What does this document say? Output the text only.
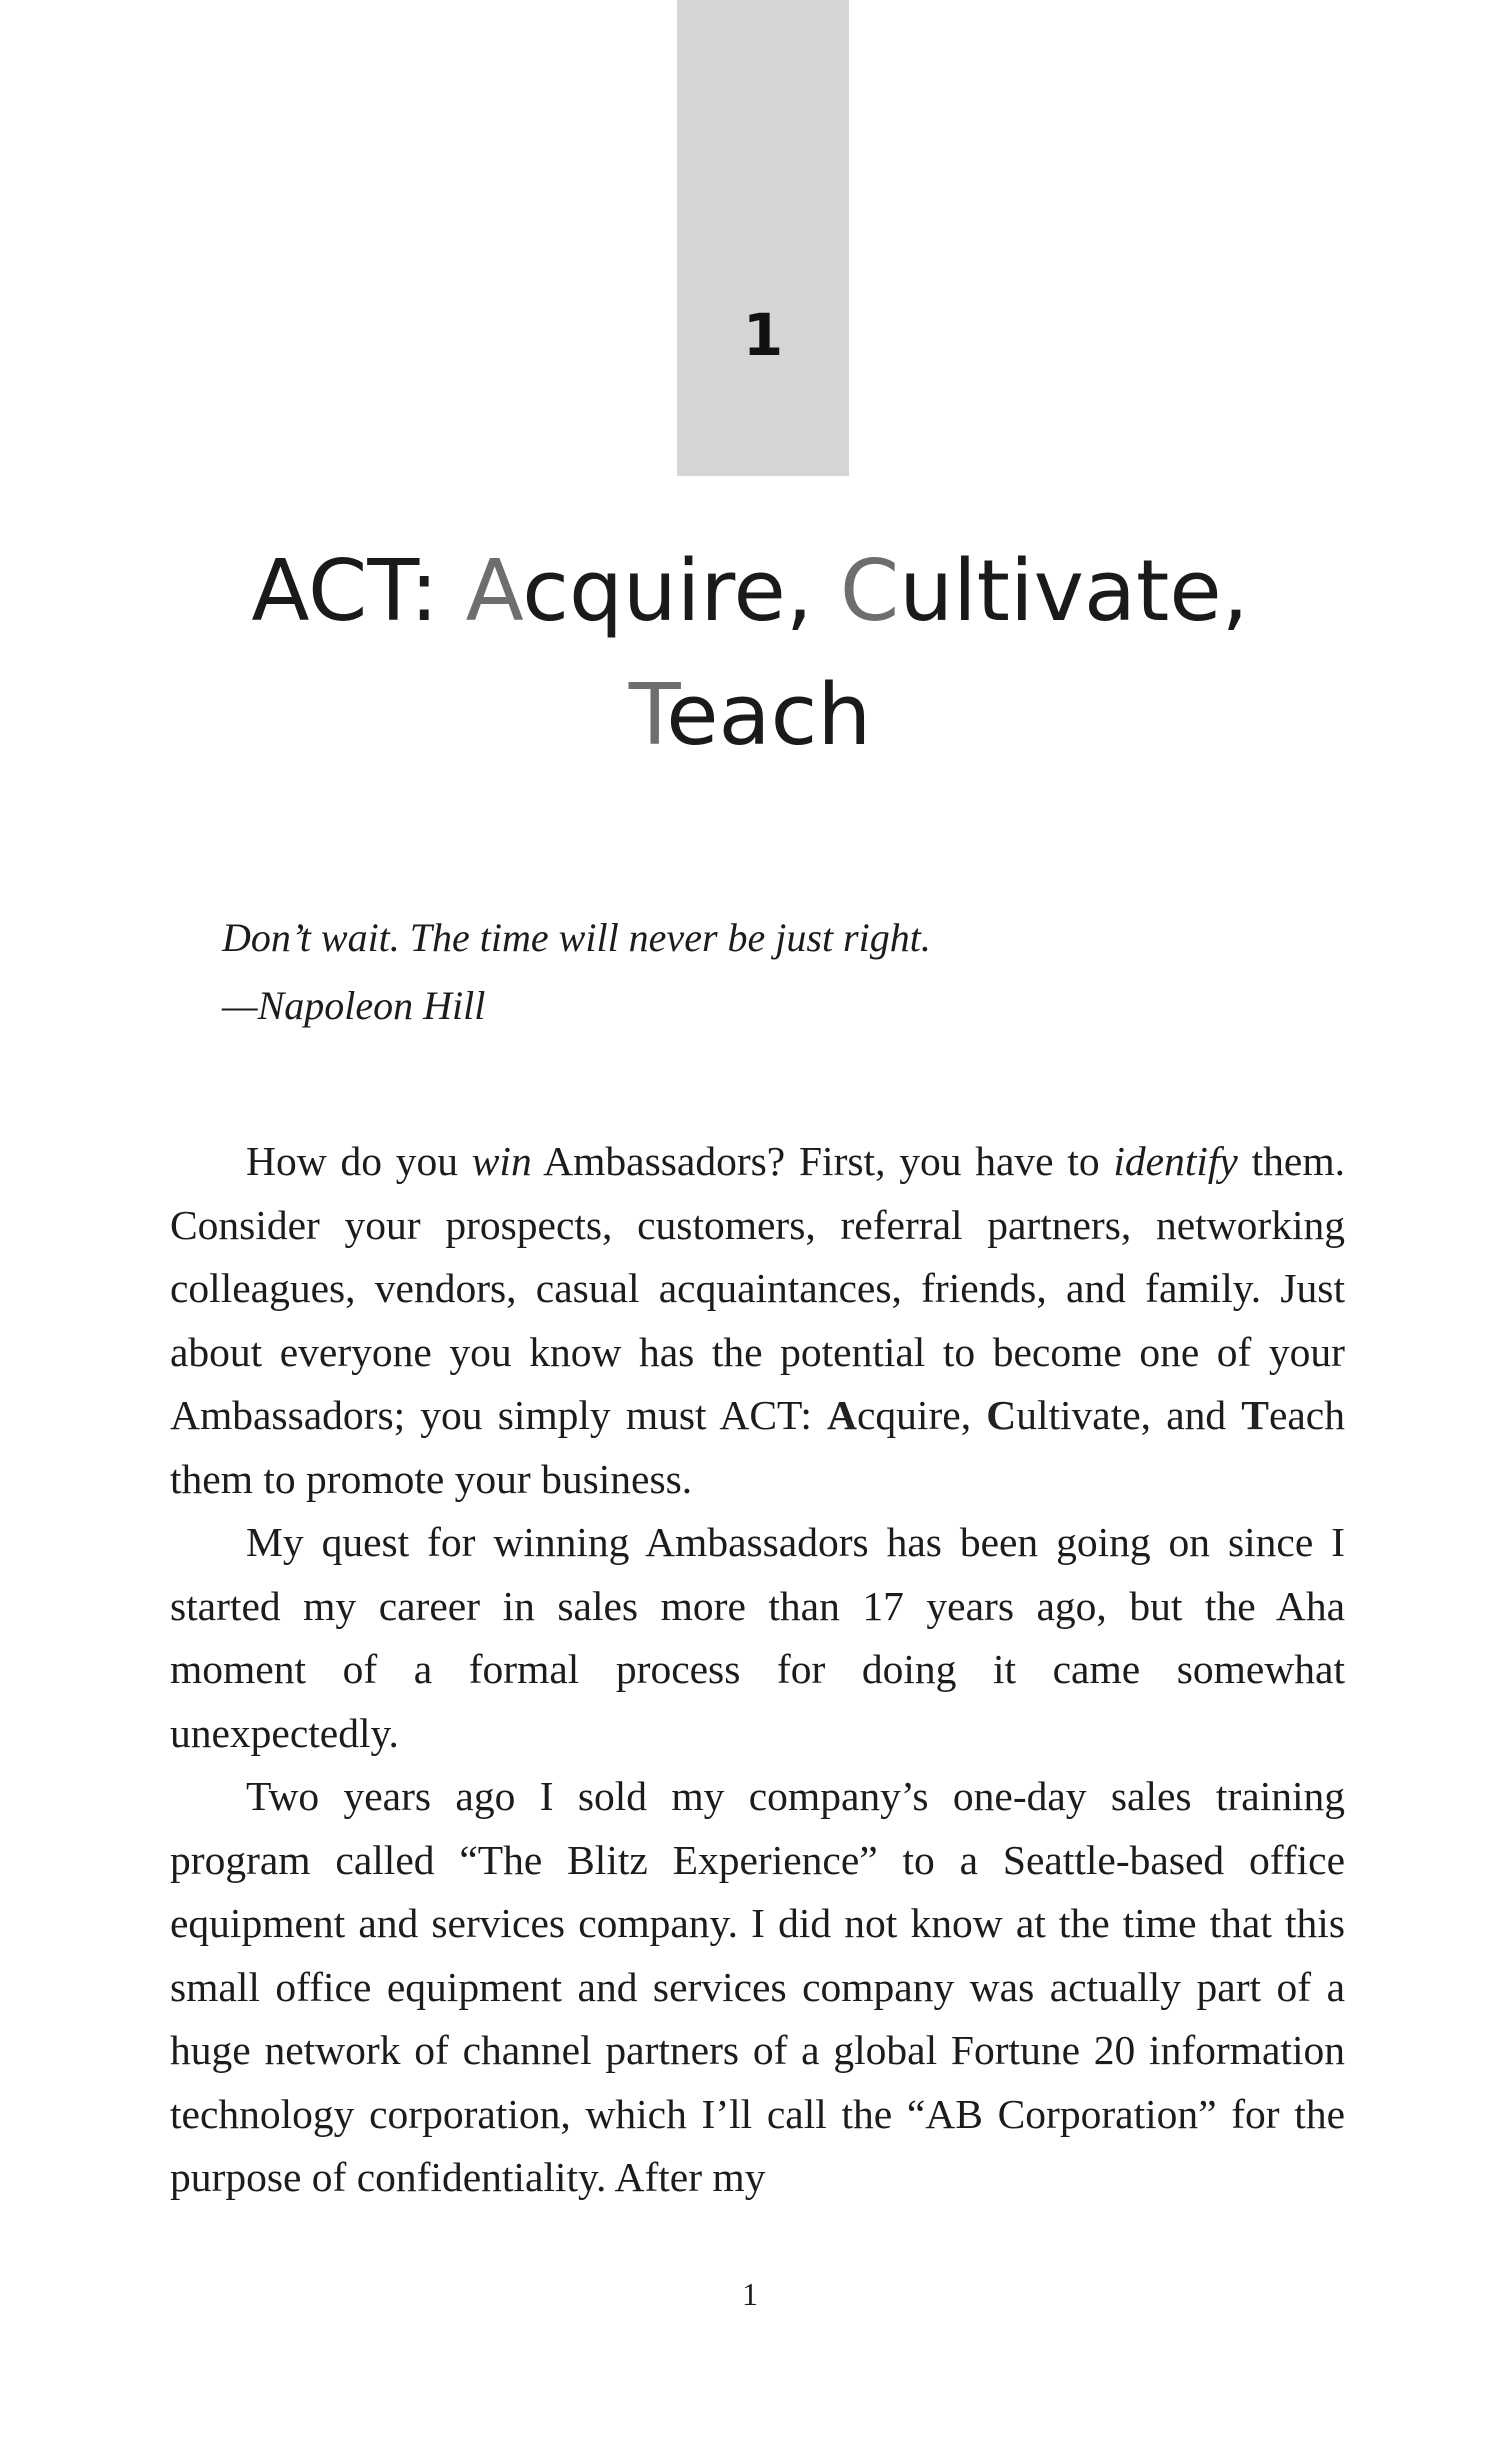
1
ACT: Acquire, Cultivate,
Teach
Don’t wait. The time will never be just right.
—Napoleon Hill

How do you win Ambassadors? First, you have to identify them. Consider your prospects, customers, referral partners, networking colleagues, vendors, casual acquaintances, friends, and family. Just about everyone you know has the potential to become one of your Ambassadors; you simply must ACT: Acquire, Cultivate, and Teach them to promote your business.

My quest for winning Ambassadors has been going on since I started my career in sales more than 17 years ago, but the Aha moment of a formal process for doing it came somewhat unexpectedly.

Two years ago I sold my company’s one-day sales training program called “The Blitz Experience” to a Seattle-based office equipment and services company. I did not know at the time that this small office equipment and services company was actually part of a huge network of channel partners of a global Fortune 20 information technology corporation, which I’ll call the “AB Corporation” for the purpose of confidentiality. After my

1
